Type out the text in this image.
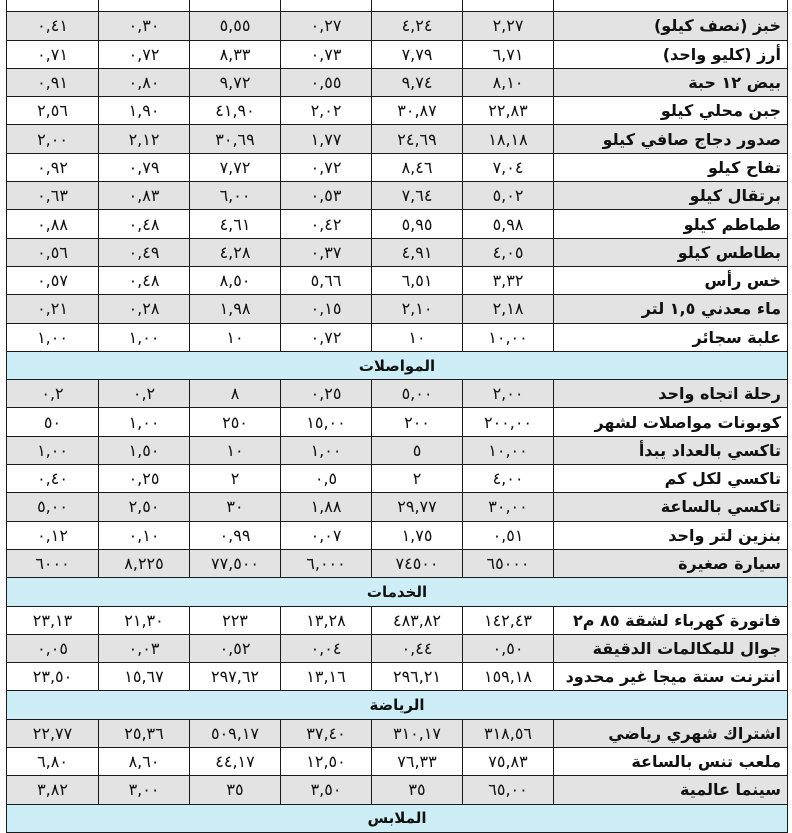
خبز (نصف كيلو)
٢,٢٧
٤,٢٤
٠,٢٧
٥,٥٥
٠,٣٠
٠,٤١
أرز (كليو واحد)
٦,٧١
٧,٧٩
٠,٧٣
٨,٣٣
٠,٧٢
٠,٧١
بيض ١٢ حبة
٨,١٠
٩,٧٤
٠,٥٥
٩,٧٢
٠,٨٠
٠,٩١
جبن محلي كيلو
٢٢,٨٣
٣٠,٨٧
٢,٠٢
٤١,٩٠
١,٩٠
٢,٥٦
صدور دجاج صافي كيلو
١٨,١٨
٢٤,٦٩
١,٧٧
٣٠,٦٩
٢,١٢
٢,٠٠
تفاح كيلو
٧,٠٤
٨,٤٦
٠,٧٢
٧,٧٢
٠,٧٩
٠,٩٢
برتقال كيلو
٥,٠٢
٧,٦٤
٠,٥٣
٦,٠٠
٠,٨٣
٠,٦٣
طماطم كيلو
٥,٩٨
٥,٩٥
٠,٤٢
٤,٦١
٠,٤٨
٠,٨٨
بطاطس كيلو
٤,٠٥
٤,٩١
٠,٣٧
٤,٢٨
٠,٤٩
٠,٥٦
خس رأس
٣,٣٢
٦,٥١
٥,٦٦
٨,٥٠
٠,٤٨
٠,٥٧
ماء معدني ١,٥ لتر
٢,١٨
٢,١٠
٠,١٥
١,٩٨
٠,٢٨
٠,٢١
علبة سجائر
١٠,٠٠
١٠
٠,٧٢
١٠
١,٠٠
١,٠٠
المواصلات
رحلة اتجاه واحد
٢,٠٠
٥,٠٠
٠,٢٥
٨
٠,٢
٠,٢
كوبونات مواصلات لشهر
٢٠٠,٠٠
٢٠٠
١٥,٠٠
٢٥٠
١,٠٠
٥٠
تاكسي بالعداد يبدأ
١٠,٠٠
٥
١,٠٠
١٠
١,٥٠
١,٠٠
تاكسي لكل كم
٤,٠٠
٢
٠,٥
٢
٠,٢٥
٠,٤٠
تاكسي بالساعة
٣٠,٠٠
٢٩,٧٧
١,٨٨
٣٠
٢,٥٠
٥,٠٠
بنزين لتر واحد
٠,٥١
١,٧٥
٠,٠٧
٠,٩٩
٠,١٠
٠,١٢
سيارة صغيرة
٦٥٠٠٠
٧٤٥٠٠
٦,٠٠٠
٧٧,٥٠٠
٨,٢٢٥
٦٠٠٠
الخدمات
فاتورة كهرباء لشقة ٨٥ م٢
١٤٢,٤٣
٤٨٣,٨٢
١٣,٢٨
٢٢٣
٢١,٣٠
٢٣,١٣
جوال للمكالمات الدقيقة
٠,٥٠
٠,٤٤
٠,٠٤
٠,٥٢
٠,٠٣
٠,٠٥
انترنت ستة ميجا غير محدود
١٥٩,١٨
٢٩٦,٢١
١٣,١٦
٢٩٧,٦٢
١٥,٦٧
٢٣,٥٠
الرياضة
اشتراك شهري رياضي
٣١٨,٥٦
٣١٠,١٧
٣٧,٤٠
٥٠٩,١٧
٢٥,٣٦
٢٢,٧٧
ملعب تنس بالساعة
٧٥,٨٣
٧٦,٣٣
١٢,٥٠
٤٤,١٧
٨,٦٠
٦,٨٠
سينما عالمية
٦٥,٠٠
٣٥
٣,٥٠
٣٥
٣,٠٠
٣,٨٢
الملابس
